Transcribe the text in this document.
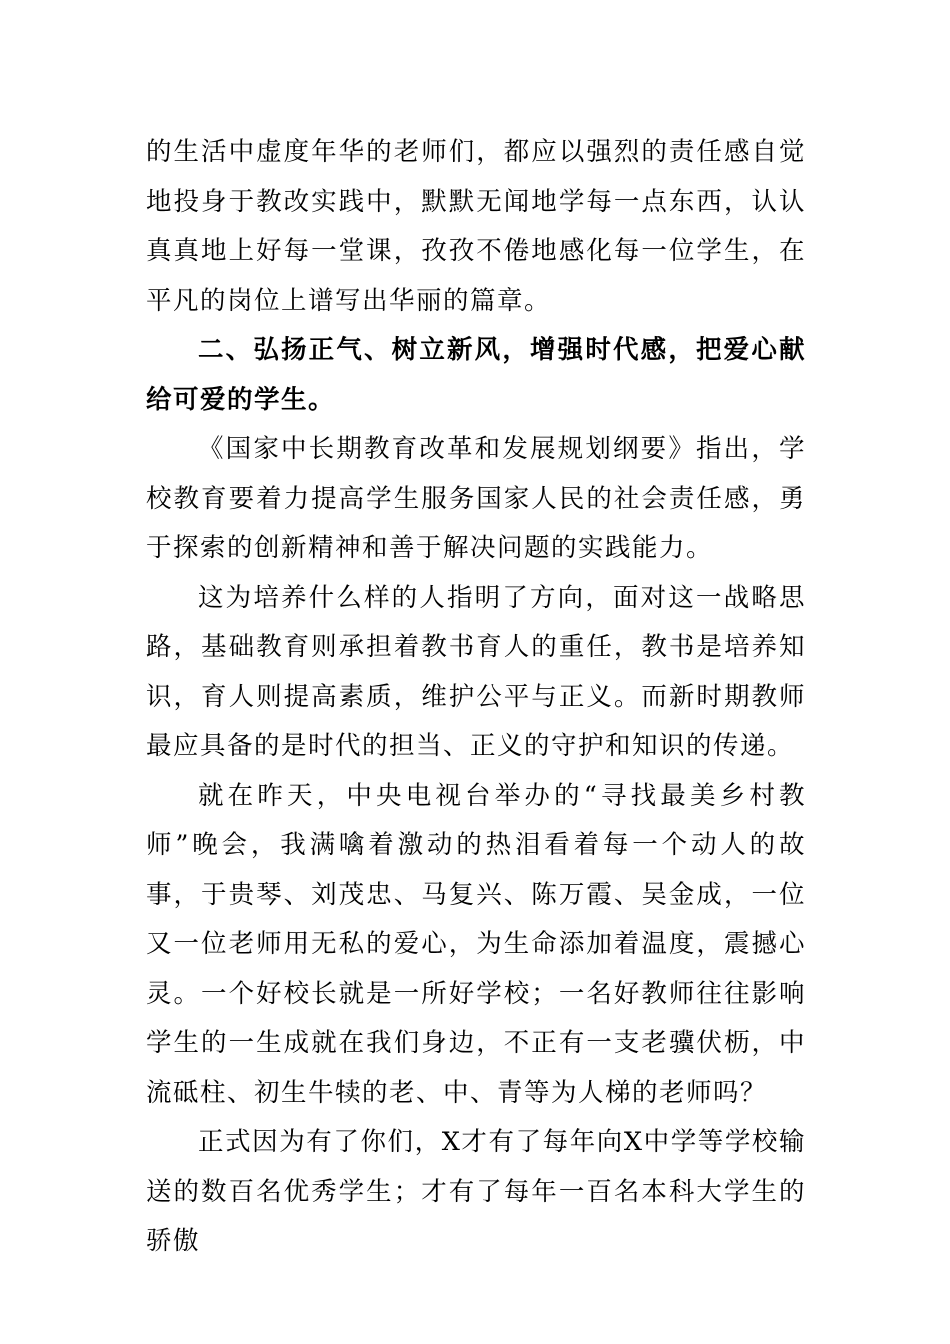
的生活中虚度年华的老师们，都应以强烈的责任感自觉地投身于教改实践中，默默无闻地学每一点东西，认认真真地上好每一堂课，孜孜不倦地感化每一位学生，在平凡的岗位上谱写出华丽的篇章。

二、弘扬正气、树立新风，增强时代感，把爱心献给可爱的学生。

《国家中长期教育改革和发展规划纲要》指出，学校教育要着力提高学生服务国家人民的社会责任感，勇于探索的创新精神和善于解决问题的实践能力。

这为培养什么样的人指明了方向，面对这一战略思路，基础教育则承担着教书育人的重任，教书是培养知识，育人则提高素质，维护公平与正义。而新时期教师最应具备的是时代的担当、正义的守护和知识的传递。

就在昨天，中央电视台举办的“寻找最美乡村教师”晚会，我满噙着激动的热泪看着每一个动人的故事，于贵琴、刘茂忠、马复兴、陈万霞、吴金成，一位又一位老师用无私的爱心，为生命添加着温度，震撼心灵。一个好校长就是一所好学校；一名好教师往往影响学生的一生成就在我们身边，不正有一支老骥伏枥，中流砥柱、初生牛犊的老、中、青等为人梯的老师吗？

正式因为有了你们，X才有了每年向X中学等学校输送的数百名优秀学生；才有了每年一百名本科大学生的骄傲
